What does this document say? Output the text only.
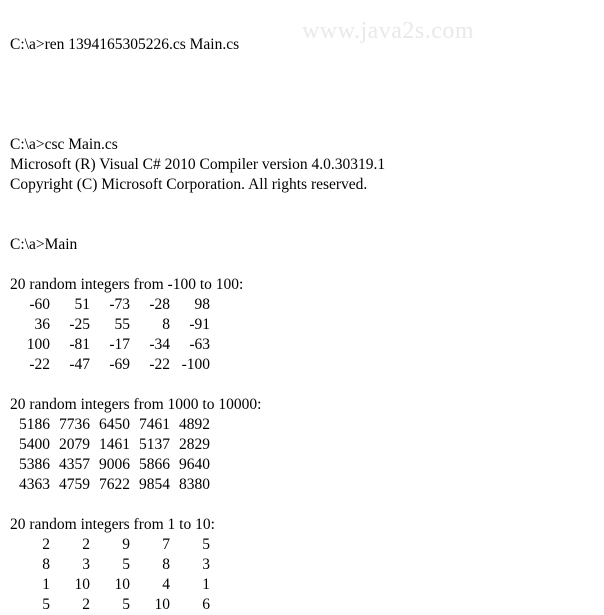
www.java2s.com
C:\a>ren 1394165305226.cs Main.cs
C:\a>csc Main.cs
Microsoft (R) Visual C# 2010 Compiler version 4.0.30319.1
Copyright (C) Microsoft Corporation. All rights reserved.
C:\a>Main
20 random integers from -100 to 100:
-60	51	-73	-28	98
36	-25	55	8	-91
100	-81	-17	-34	-63
-22	-47	-69	-22 -100
20 random integers from 1000 to 10000:
5186 7736 6450 7461 4892
5400 2079 1461 5137 2829
5386 4357 9006 5866 9640
4363 4759 7622 9854 8380
20 random integers from 1 to 10:
2	2	9	7	5
8	3	5	8	3
1	10	10	4	1
5	2	5	10	6
